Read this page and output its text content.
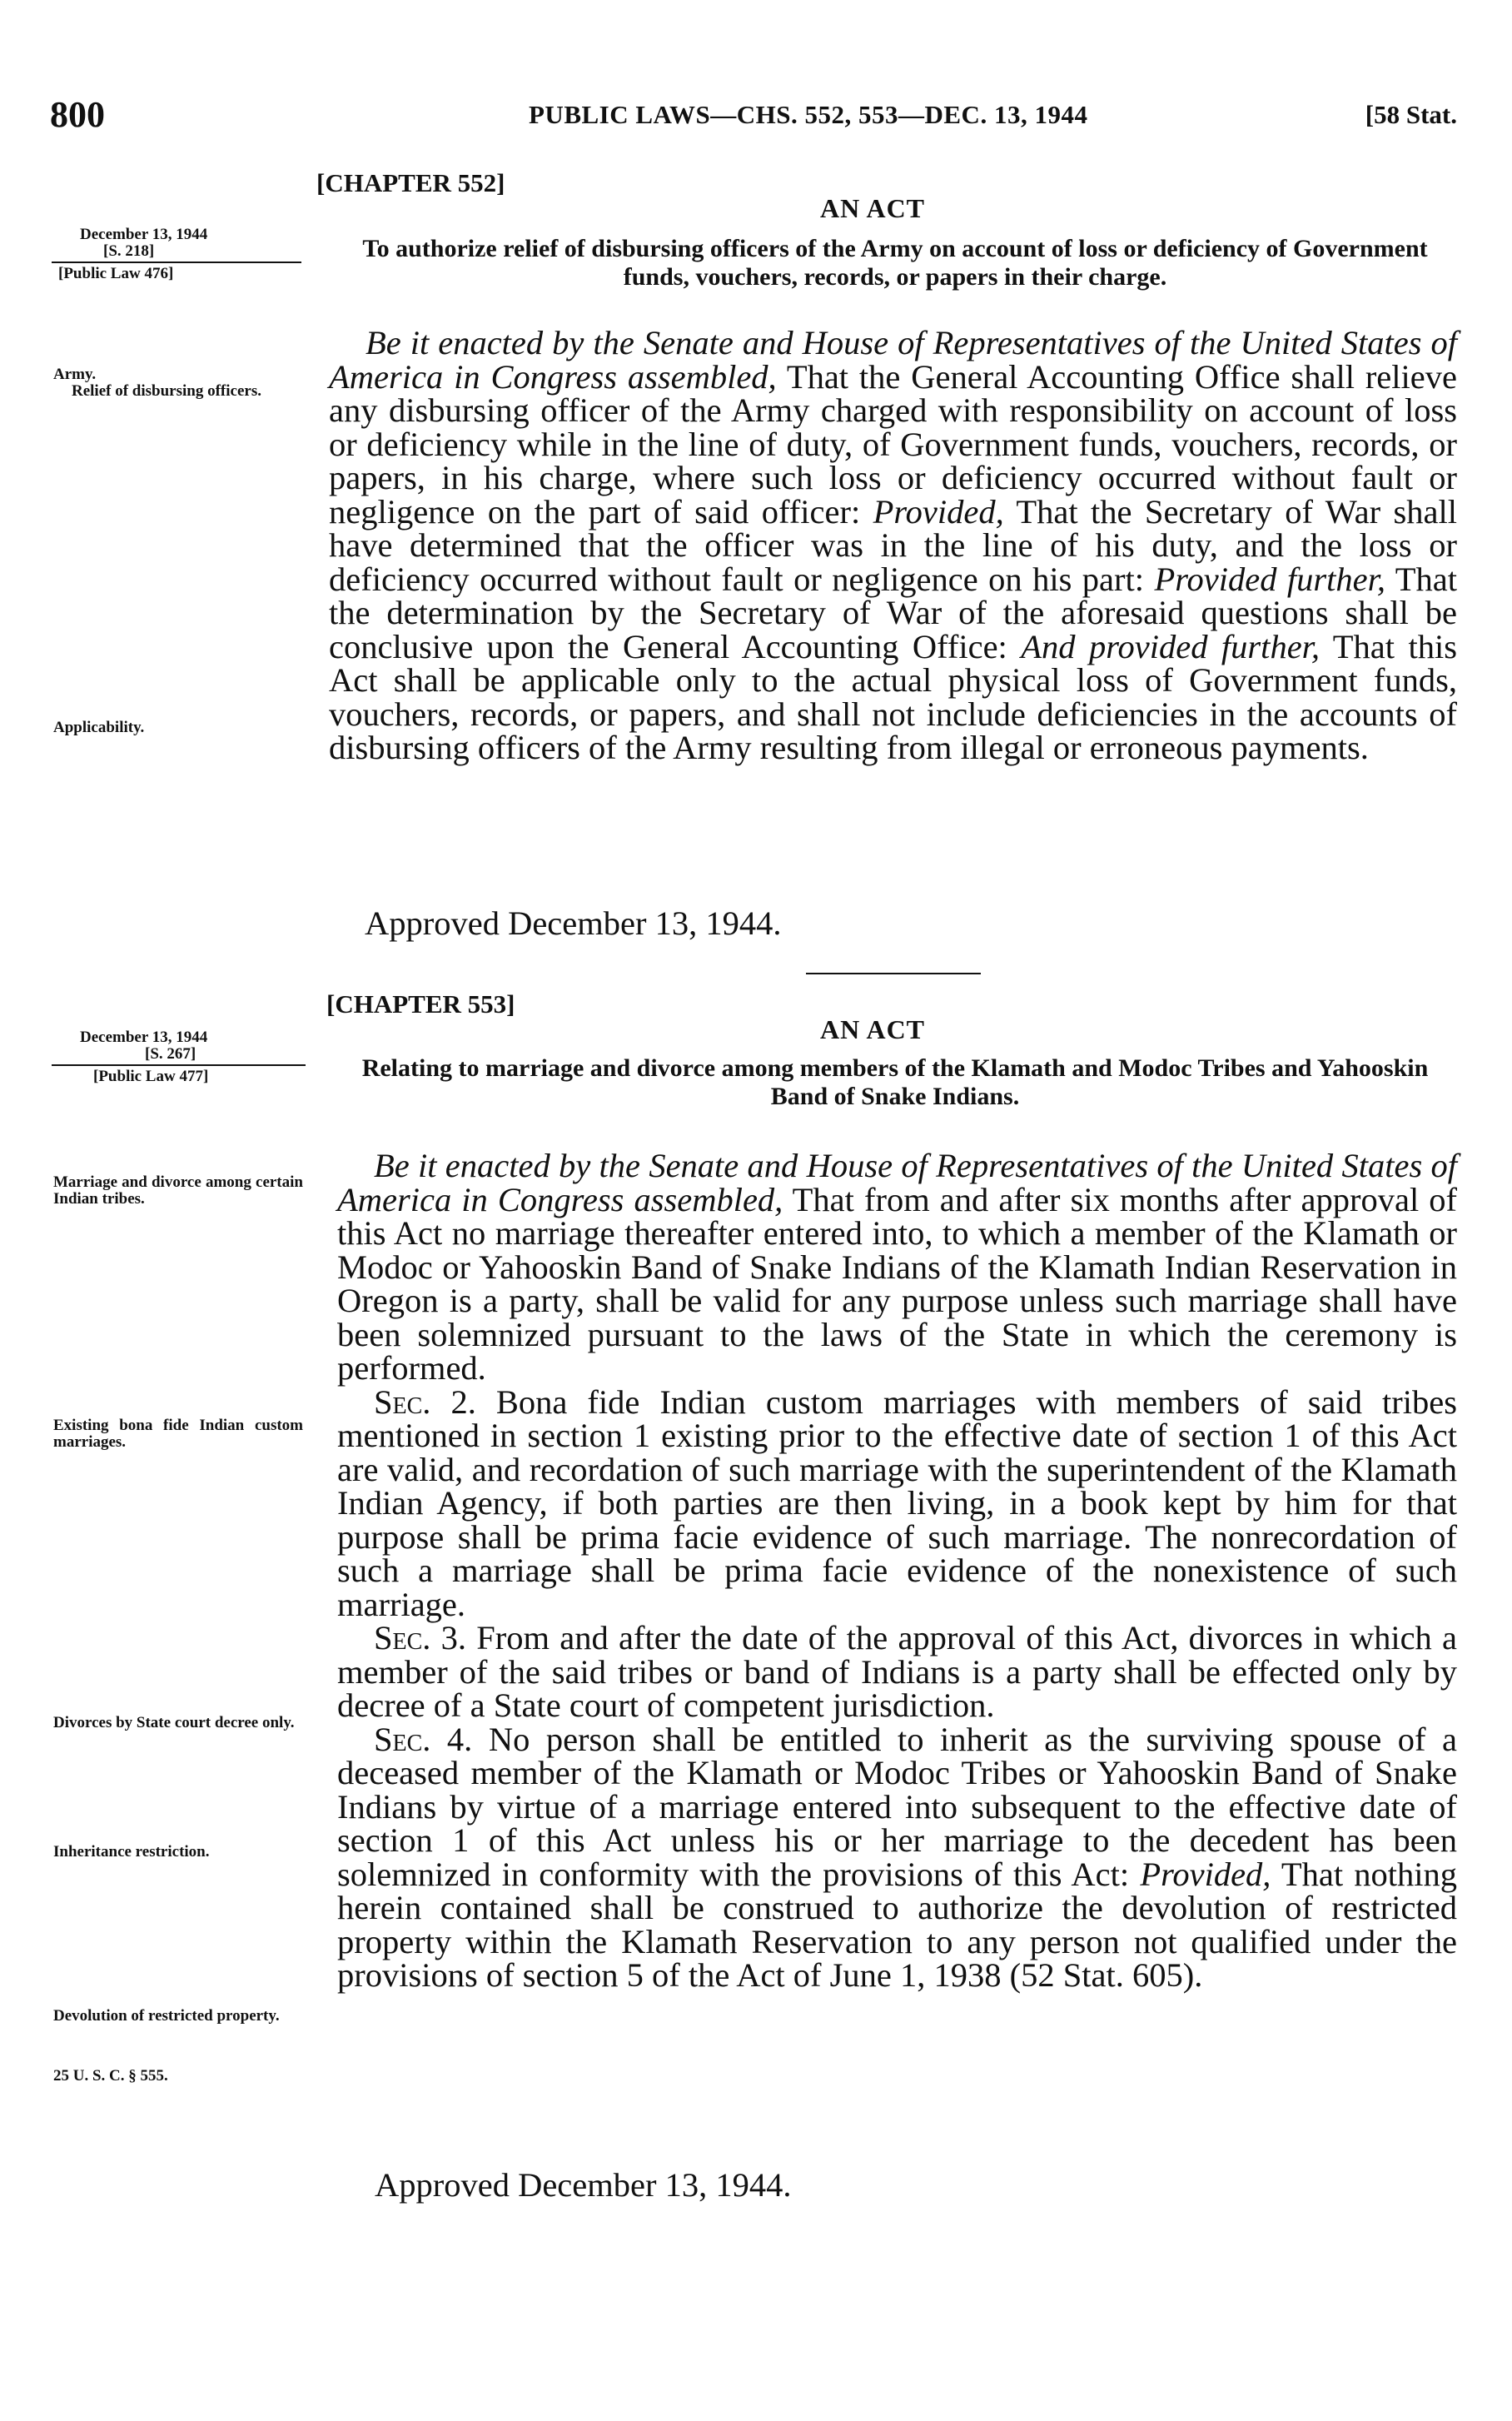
800	PUBLIC LAWS—CHS. 552, 553—DEC. 13, 1944	[58 Stat.
[CHAPTER 552]
AN ACT
To authorize relief of disbursing officers of the Army on account of loss or deficiency of Government funds, vouchers, records, or papers in their charge.
December 13, 1944
[S. 218]
[Public Law 476]
Army.
Relief of disbursing officers.
Applicability.

Be it enacted by the Senate and House of Representatives of the United States of America in Congress assembled, That the General Accounting Office shall relieve any disbursing officer of the Army charged with responsibility on account of loss or deficiency while in the line of duty, of Government funds, vouchers, records, or papers, in his charge, where such loss or deficiency occurred without fault or negligence on the part of said officer: Provided, That the Secretary of War shall have determined that the officer was in the line of his duty, and the loss or deficiency occurred without fault or negligence on his part: Provided further, That the determination by the Secretary of War of the aforesaid questions shall be conclusive upon the General Accounting Office: And provided further, That this Act shall be applicable only to the actual physical loss of Government funds, vouchers, records, or papers, and shall not include deficiencies in the accounts of disbursing officers of the Army resulting from illegal or erroneous payments.

Approved December 13, 1944.
[CHAPTER 553]
AN ACT
Relating to marriage and divorce among members of the Klamath and Modoc Tribes and Yahooskin Band of Snake Indians.
December 13, 1944
[S. 267]
[Public Law 477]
Marriage and divorce among certain Indian tribes.
Existing bona fide Indian custom marriages.
Divorces by State court decree only.
Inheritance restriction.
Devolution of restricted property.
25 U. S. C. § 555.

Be it enacted by the Senate and House of Representatives of the United States of America in Congress assembled, That from and after six months after approval of this Act no marriage thereafter entered into, to which a member of the Klamath or Modoc or Yahooskin Band of Snake Indians of the Klamath Indian Reservation in Oregon is a party, shall be valid for any purpose unless such marriage shall have been solemnized pursuant to the laws of the State in which the ceremony is performed.

Sec. 2. Bona fide Indian custom marriages with members of said tribes mentioned in section 1 existing prior to the effective date of section 1 of this Act are valid, and recordation of such marriage with the superintendent of the Klamath Indian Agency, if both parties are then living, in a book kept by him for that purpose shall be prima facie evidence of such marriage. The nonrecordation of such a marriage shall be prima facie evidence of the nonexistence of such marriage.

Sec. 3. From and after the date of the approval of this Act, divorces in which a member of the said tribes or band of Indians is a party shall be effected only by decree of a State court of competent jurisdiction.

Sec. 4. No person shall be entitled to inherit as the surviving spouse of a deceased member of the Klamath or Modoc Tribes or Yahooskin Band of Snake Indians by virtue of a marriage entered into subsequent to the effective date of section 1 of this Act unless his or her marriage to the decedent has been solemnized in conformity with the provisions of this Act: Provided, That nothing herein contained shall be construed to authorize the devolution of restricted property within the Klamath Reservation to any person not qualified under the provisions of section 5 of the Act of June 1, 1938 (52 Stat. 605).

Approved December 13, 1944.
